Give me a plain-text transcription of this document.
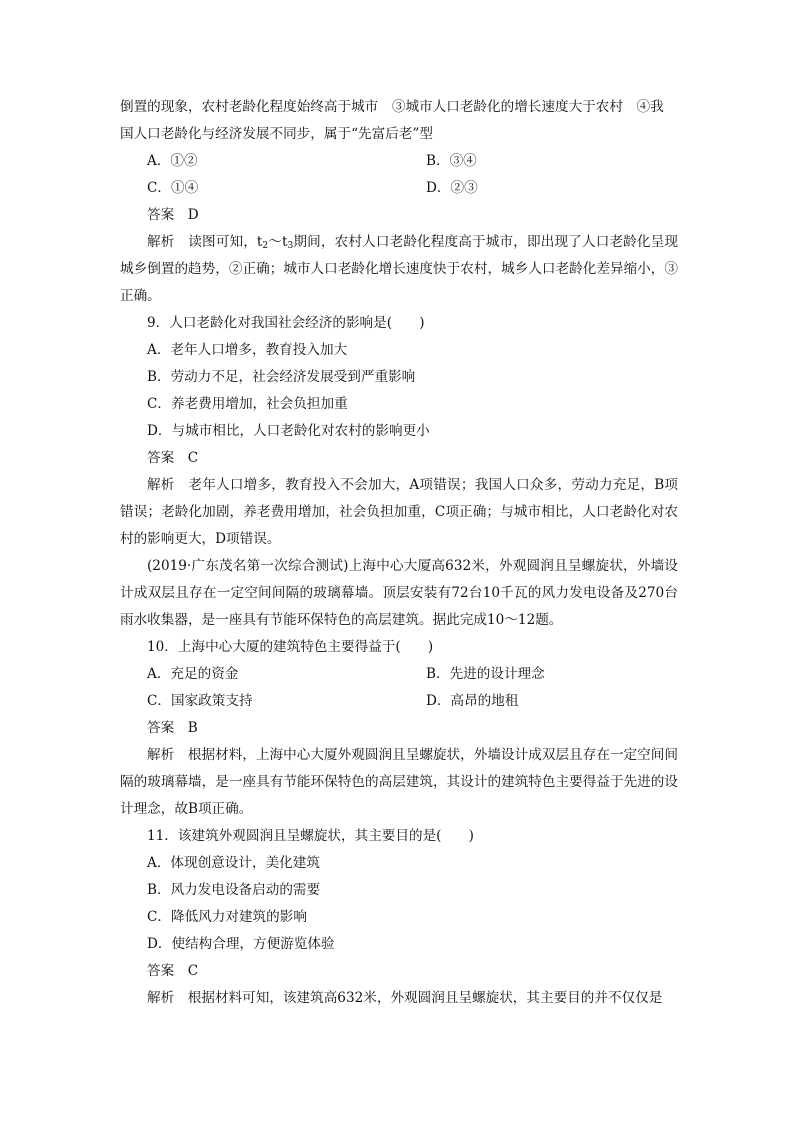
倒置的现象，农村老龄化程度始终高于城市　③城市人口老龄化的增长速度大于农村　④我
国人口老龄化与经济发展不同步，属于“先富后老”型

A．①②	B．③④
C．①④	D．②③

答案　D

解析　读图可知，$t_2\sim t_3$期间，农村人口老龄化程度高于城市，即出现了人口老龄化呈现城乡倒置的趋势，②正确；城市人口老龄化增长速度快于农村，城乡人口老龄化差异缩小，③正确。

9．人口老龄化对我国社会经济的影响是(　　)

A．老年人口增多，教育投入加大

B．劳动力不足，社会经济发展受到严重影响

C．养老费用增加，社会负担加重

D．与城市相比，人口老龄化对农村的影响更小

答案　C

解析　老年人口增多，教育投入不会加大，A项错误；我国人口众多，劳动力充足，B项错误；老龄化加剧，养老费用增加，社会负担加重，C项正确；与城市相比，人口老龄化对农村的影响更大，D项错误。

(2019·广东茂名第一次综合测试)上海中心大厦高632米，外观圆润且呈螺旋状，外墙设计成双层且存在一定空间间隔的玻璃幕墙。顶层安装有72台10千瓦的风力发电设备及270台雨水收集器，是一座具有节能环保特色的高层建筑。据此完成10～12题。

10．上海中心大厦的建筑特色主要得益于(　　)

A．充足的资金	B．先进的设计理念
C．国家政策支持	D．高昂的地租

答案　B

解析　根据材料，上海中心大厦外观圆润且呈螺旋状，外墙设计成双层且存在一定空间间隔的玻璃幕墙，是一座具有节能环保特色的高层建筑，其设计的建筑特色主要得益于先进的设计理念，故B项正确。

11．该建筑外观圆润且呈螺旋状，其主要目的是(　　)

A．体现创意设计，美化建筑

B．风力发电设备启动的需要

C．降低风力对建筑的影响

D．使结构合理，方便游览体验

答案　C

解析　根据材料可知，该建筑高632米，外观圆润且呈螺旋状，其主要目的并不仅仅是
